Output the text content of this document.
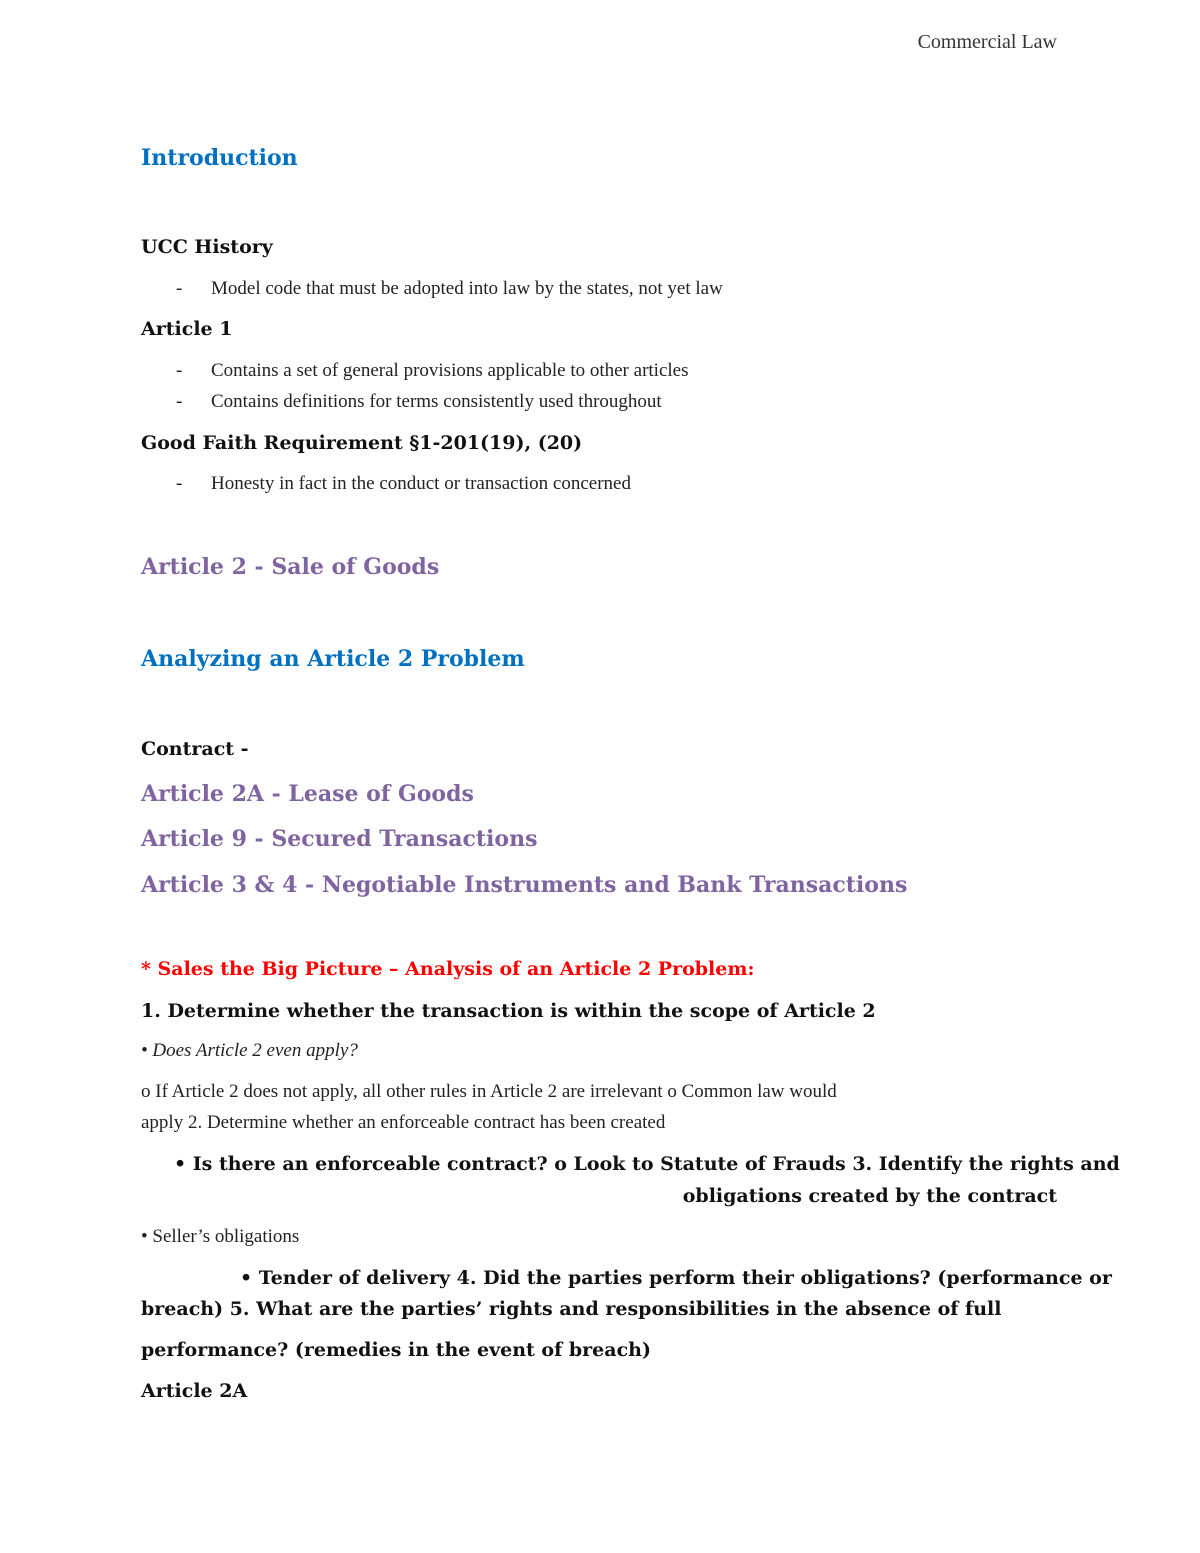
Commercial Law
Introduction
UCC History
- Model code that must be adopted into law by the states, not yet law
Article 1
- Contains a set of general provisions applicable to other articles
- Contains definitions for terms consistently used throughout
Good Faith Requirement §1-201(19), (20)
- Honesty in fact in the conduct or transaction concerned
Article 2 - Sale of Goods
Analyzing an Article 2 Problem
Contract -
Article 2A - Lease of Goods
Article 9 - Secured Transactions
Article 3 & 4 - Negotiable Instruments and Bank Transactions
* Sales the Big Picture – Analysis of an Article 2 Problem:
1. Determine whether the transaction is within the scope of Article 2
• Does Article 2 even apply?
o If Article 2 does not apply, all other rules in Article 2 are irrelevant o Common law would
apply 2. Determine whether an enforceable contract has been created
• Is there an enforceable contract? o Look to Statute of Frauds 3. Identify the rights and
obligations created by the contract
• Seller’s obligations
• Tender of delivery 4. Did the parties perform their obligations? (performance or
breach) 5. What are the parties’ rights and responsibilities in the absence of full
performance? (remedies in the event of breach)
Article 2A
